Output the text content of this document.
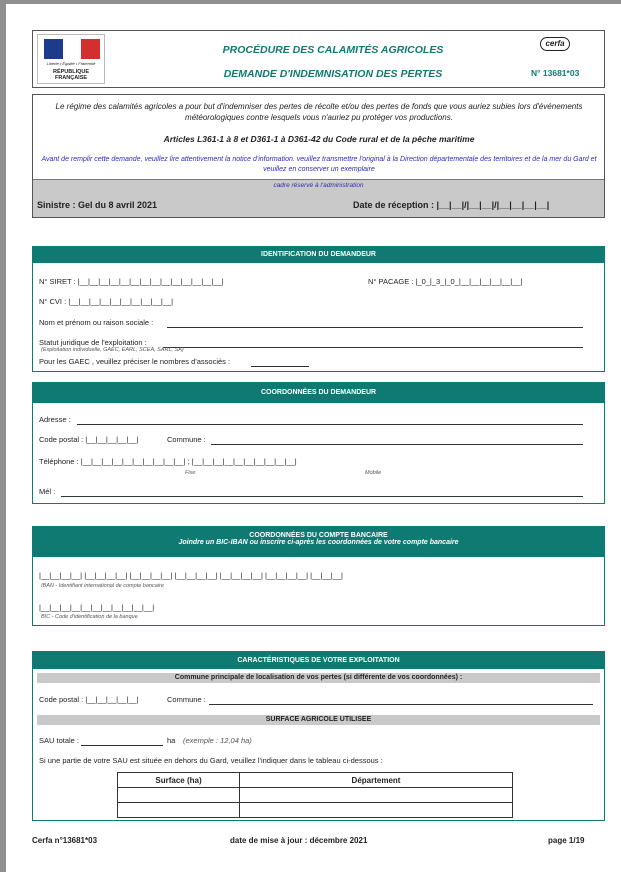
Liberté • Égalité • Fraternité
RÉPUBLIQUE FRANÇAISE
PROCÉDURE DES CALAMITÉS AGRICOLES
DEMANDE D'INDEMNISATION DES PERTES
cerfa
N° 13681*03
Le régime des calamités agricoles a pour but d'indemniser des pertes de récolte et/ou des pertes de fonds que vous auriez subies lors d'événements météorologiques contre lesquels vous n'auriez pu protéger vos productions.
Articles L361-1 à 8 et D361-1 à D361-42 du Code rural et de la pêche maritime
Avant de remplir cette demande, veuillez lire attentivement la notice d'information. veuillez transmettre l'original à la Direction départementale des territoires et de la mer du Gard et veuillez en conserver un exemplaire
cadre réservé à l'administration
Sinistre : Gel du 8 avril 2021	Date de réception : |__|__|/|__|__|/|__|__|__|__|
IDENTIFICATION DU DEMANDEUR
N° SIRET : |__|__|__|__|__|__|__|__|__|__|__|__|__|__|	N° PACAGE : |_0_|_3_|_0_|__|__|__|__|__|__|
N° CVI : |__|__|__|__|__|__|__|__|__|__|
Nom et prénom ou raison sociale :
Statut juridique de l'exploitation :
(Exploitation individuelle, GAEC, EARL, SCEA, SARL, SA)
Pour les GAEC , veuillez préciser le nombres d'associés :
COORDONNÉES DU DEMANDEUR
Adresse :
Code postal : |__|__|__|__|__|	Commune :
Téléphone : |__|__|__|__|__|__|__|__|__|__| ; |__|__|__|__|__|__|__|__|__|__|
Fixe	Mobile
Mél :
COORDONNÉES DU COMPTE BANCAIRE
Joindre un BIC-IBAN ou inscrire ci-après les coordonnées de votre compte bancaire
|__|__|__|__| |__|__|__|__| |__|__|__|__| |__|__|__|__| |__|__|__|__| |__|__|__|__| |__|__|__|
IBAN - Identifiant international de compte bancaire
|__|__|__|__|__|__|__|__|__|__|__|
BIC - Code d'identification de la banque
CARACTÉRISTIQUES DE VOTRE EXPLOITATION
Commune principale de localisation de vos pertes (si différente de vos coordonnées) :
Code postal : |__|__|__|__|__|	Commune :
SURFACE AGRICOLE UTILISEE
SAU totale :	ha (exemple : 12,04 ha)
Si une partie de votre SAU est située en dehors du Gard, veuillez l'indiquer dans le tableau ci-dessous :
Surface (ha)	Département

Cerfa n°13681*03	date de mise à jour : décembre 2021	page 1/19
